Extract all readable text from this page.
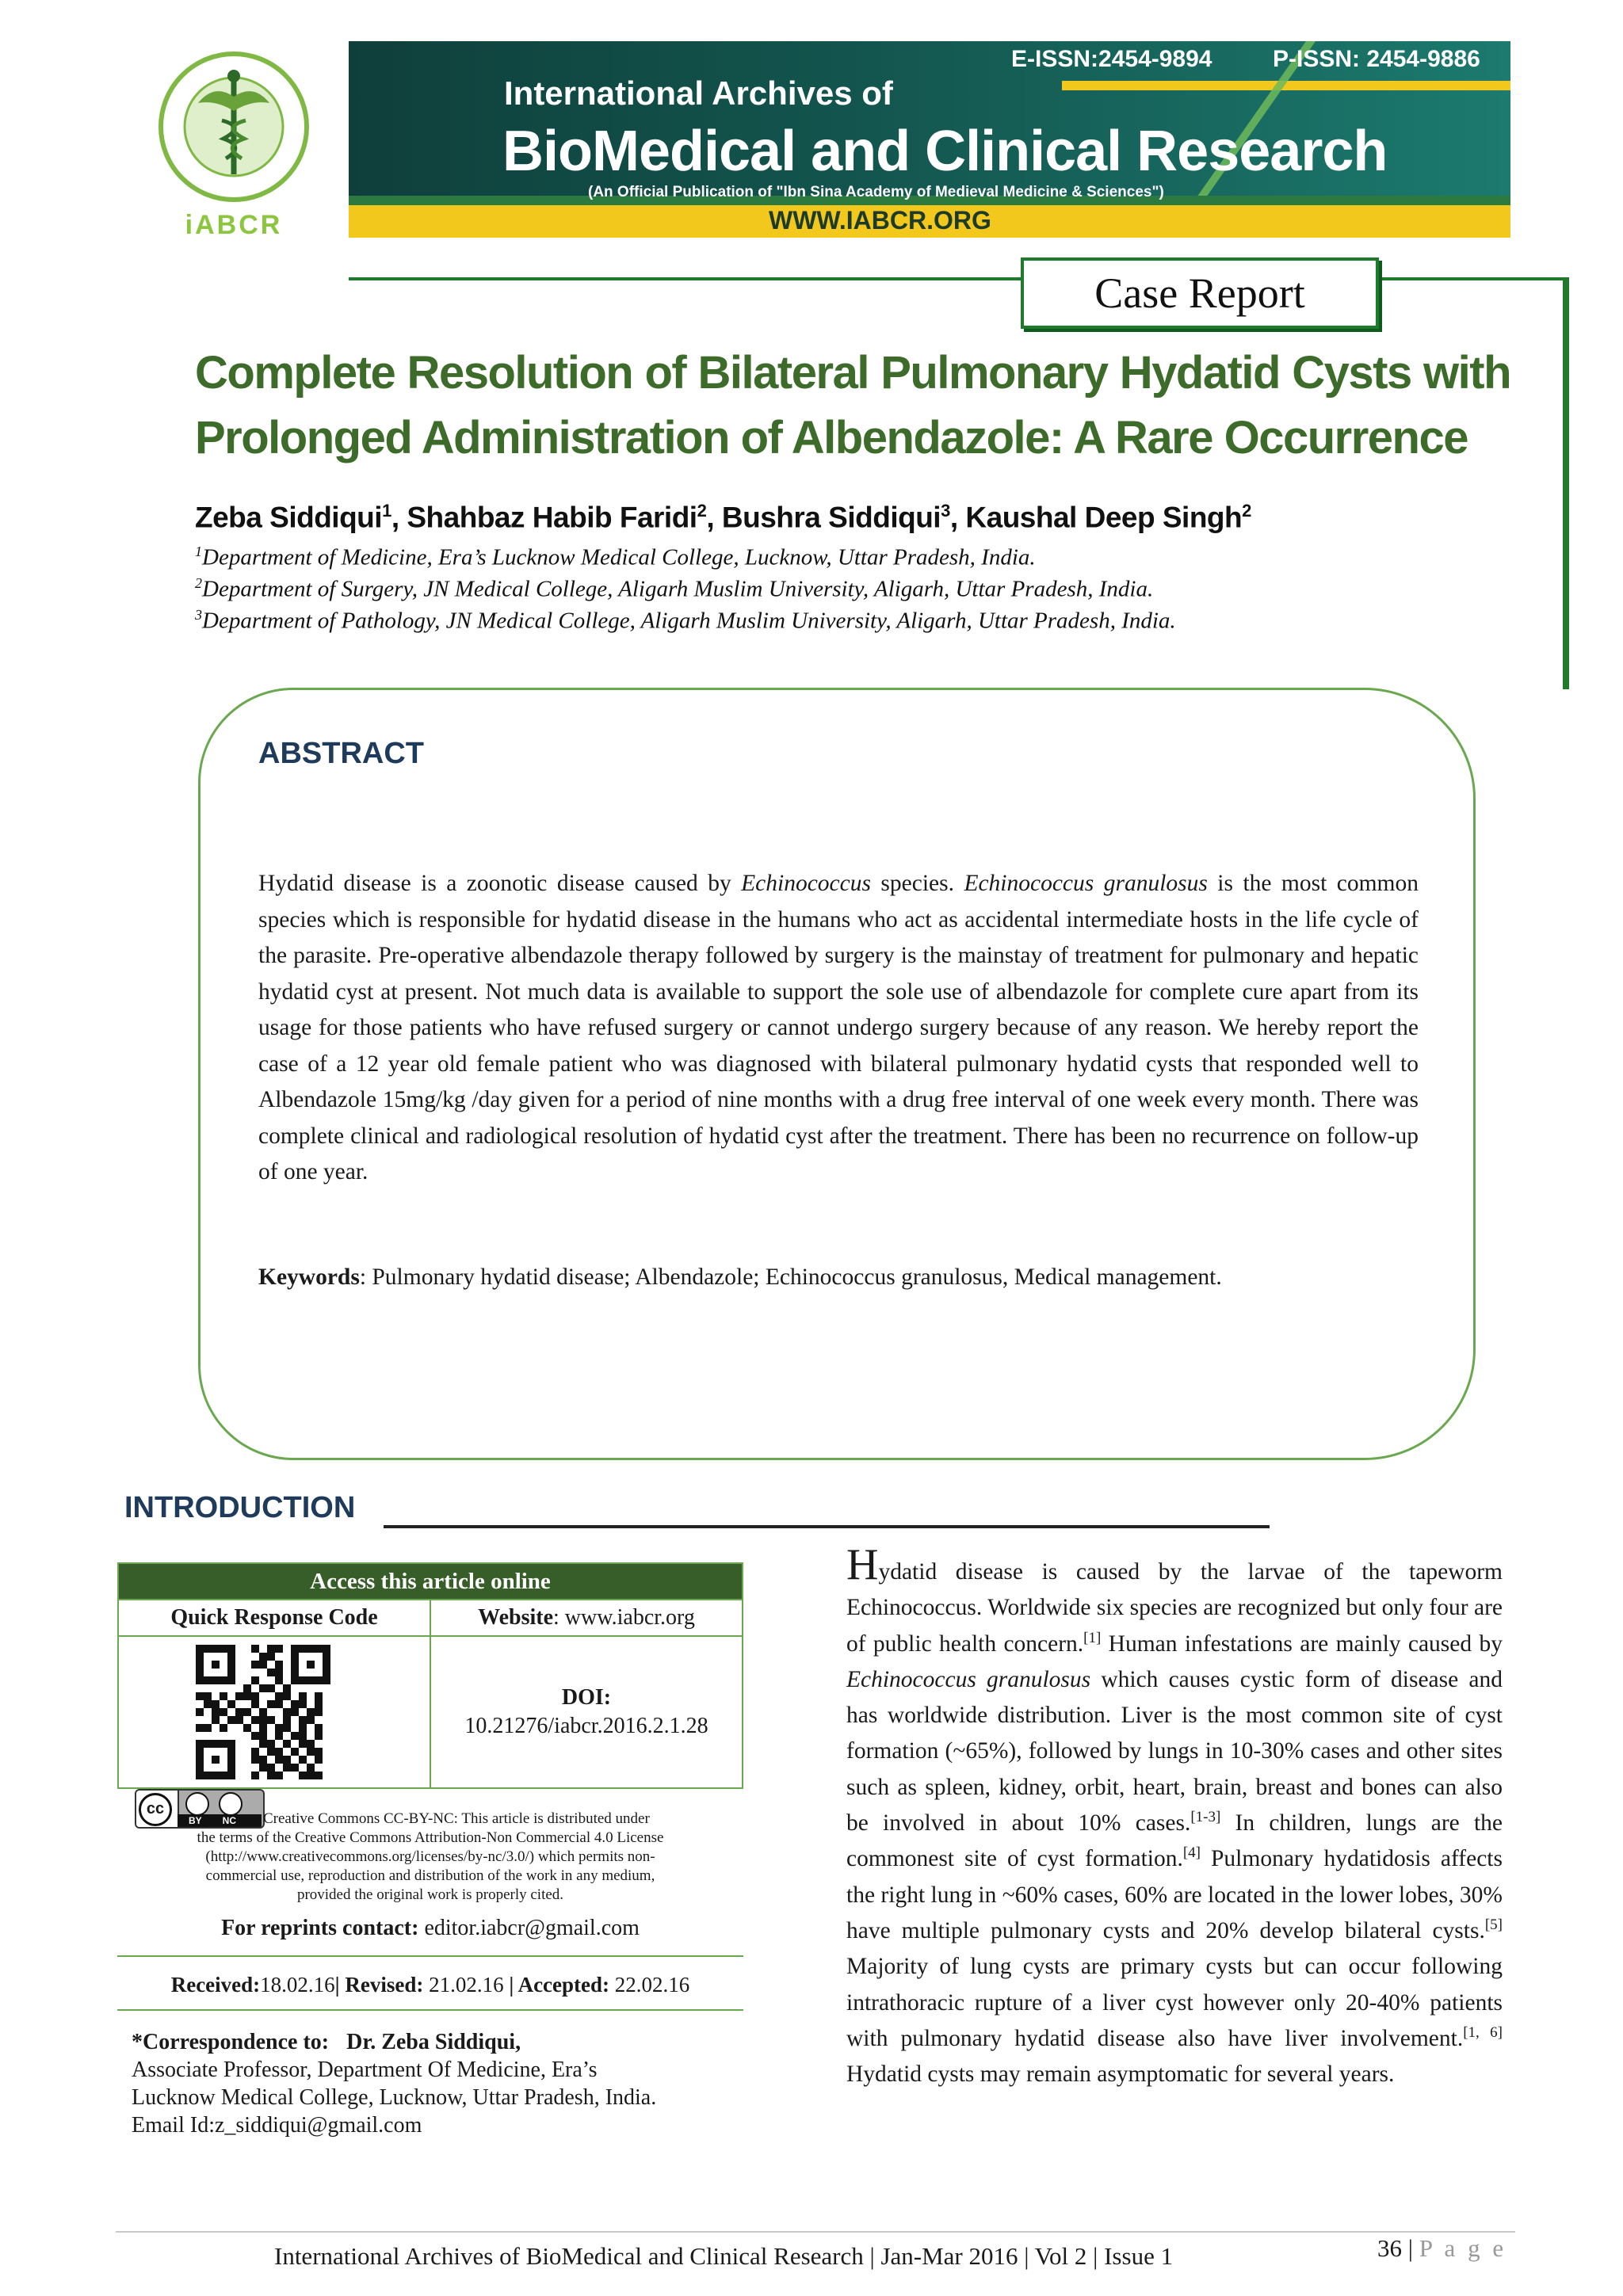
iABCR
E-ISSN:2454-9894	P-ISSN: 2454-9886
International Archives of
BioMedical and Clinical Research
(An Official Publication of "Ibn Sina Academy of Medieval Medicine & Sciences")
WWW.IABCR.ORG
Case Report
Complete Resolution of Bilateral Pulmonary Hydatid Cysts with
Prolonged Administration of Albendazole: A Rare Occurrence
Zeba Siddiqui$^1$, Shahbaz Habib Faridi$^2$, Bushra Siddiqui$^3$, Kaushal Deep Singh$^2$
$^1$Department of Medicine, Era’s Lucknow Medical College, Lucknow, Uttar Pradesh, India.
$^2$Department of Surgery, JN Medical College, Aligarh Muslim University, Aligarh, Uttar Pradesh, India.
$^3$Department of Pathology, JN Medical College, Aligarh Muslim University, Aligarh, Uttar Pradesh, India.
ABSTRACT
Hydatid disease is a zoonotic disease caused by Echinococcus species. Echinococcus granulosus is the most common species which is responsible for hydatid disease in the humans who act as accidental intermediate hosts in the life cycle of the parasite. Pre-operative albendazole therapy followed by surgery is the mainstay of treatment for pulmonary and hepatic hydatid cyst at present. Not much data is available to support the sole use of albendazole for complete cure apart from its usage for those patients who have refused surgery or cannot undergo surgery because of any reason. We hereby report the case of a 12 year old female patient who was diagnosed with bilateral pulmonary hydatid cysts that responded well to Albendazole 15mg/kg /day given for a period of nine months with a drug free interval of one week every month. There was complete clinical and radiological resolution of hydatid cyst after the treatment. There has been no recurrence on follow-up of one year.
Keywords: Pulmonary hydatid disease; Albendazole; Echinococcus granulosus, Medical management.
INTRODUCTION
Access this article online
Quick Response Code	Website: www.iabcr.org
DOI:
10.21276/iabcr.2016.2.1.28
cc
BY NC	Creative Commons CC-BY-NC: This article is distributed under
the terms of the Creative Commons Attribution-Non Commercial 4.0 License
(http://www.creativecommons.org/licenses/by-nc/3.0/) which permits non-
commercial use, reproduction and distribution of the work in any medium,
provided the original work is properly cited.
For reprints contact: editor.iabcr@gmail.com
Received:18.02.16| Revised: 21.02.16 | Accepted: 22.02.16
*Correspondence to: Dr. Zeba Siddiqui,
Associate Professor, Department Of Medicine, Era’s
Lucknow Medical College, Lucknow, Uttar Pradesh, India.
Email Id:z_siddiqui@gmail.com
Hydatid disease is caused by the larvae of the tapeworm Echinococcus. Worldwide six species are recognized but only four are of public health concern.[1] Human infestations are mainly caused by Echinococcus granulosus which causes cystic form of disease and has worldwide distribution. Liver is the most common site of cyst formation (~65%), followed by lungs in 10-30% cases and other sites such as spleen, kidney, orbit, heart, brain, breast and bones can also be involved in about 10% cases.[1-3] In children, lungs are the commonest site of cyst formation.[4] Pulmonary hydatidosis affects the right lung in ~60% cases, 60% are located in the lower lobes, 30% have multiple pulmonary cysts and 20% develop bilateral cysts.[5] Majority of lung cysts are primary cysts but can occur following intrathoracic rupture of a liver cyst however only 20-40% patients with pulmonary hydatid disease also have liver involvement.[1, 6] Hydatid cysts may remain asymptomatic for several years.
International Archives of BioMedical and Clinical Research | Jan-Mar 2016 | Vol 2 | Issue 1	36 | P a g e
